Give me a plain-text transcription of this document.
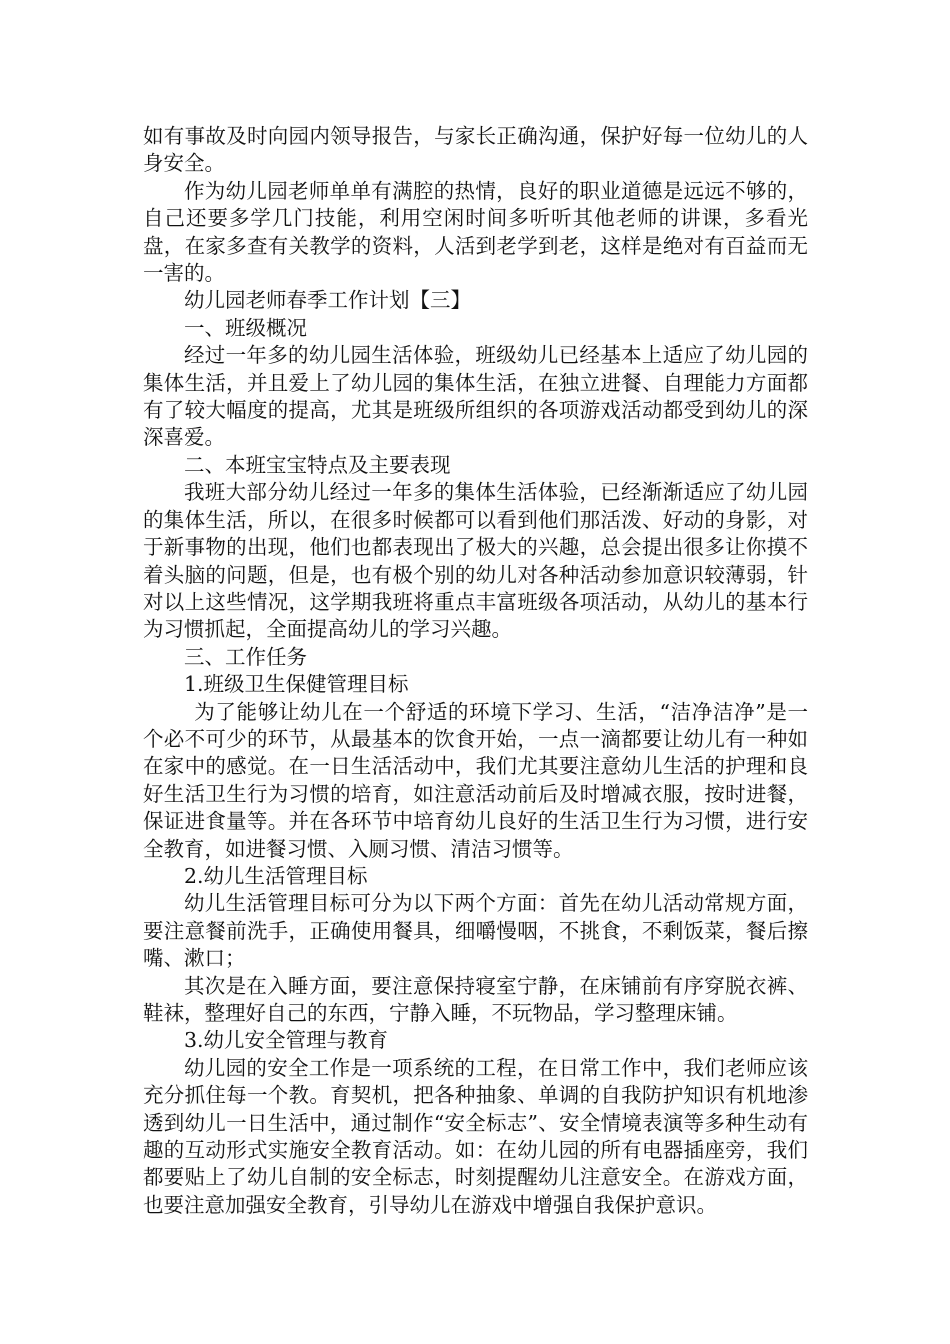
如有事故及时向园内领导报告，与家长正确沟通，保护好每一位幼儿的人身安全。

作为幼儿园老师单单有满腔的热情，良好的职业道德是远远不够的，自己还要多学几门技能，利用空闲时间多听听其他老师的讲课，多看光盘，在家多查有关教学的资料，人活到老学到老，这样是绝对有百益而无一害的。

幼儿园老师春季工作计划【三】

一、班级概况

经过一年多的幼儿园生活体验，班级幼儿已经基本上适应了幼儿园的集体生活，并且爱上了幼儿园的集体生活，在独立进餐、自理能力方面都有了较大幅度的提高，尤其是班级所组织的各项游戏活动都受到幼儿的深深喜爱。

二、本班宝宝特点及主要表现

我班大部分幼儿经过一年多的集体生活体验，已经渐渐适应了幼儿园的集体生活，所以，在很多时候都可以看到他们那活泼、好动的身影，对于新事物的出现，他们也都表现出了极大的兴趣，总会提出很多让你摸不着头脑的问题，但是，也有极个别的幼儿对各种活动参加意识较薄弱，针对以上这些情况，这学期我班将重点丰富班级各项活动，从幼儿的基本行为习惯抓起，全面提高幼儿的学习兴趣。

三、工作任务

1.班级卫生保健管理目标

为了能够让幼儿在一个舒适的环境下学习、生活，“洁净洁净”是一个必不可少的环节，从最基本的饮食开始，一点一滴都要让幼儿有一种如在家中的感觉。在一日生活活动中，我们尤其要注意幼儿生活的护理和良好生活卫生行为习惯的培育，如注意活动前后及时增减衣服，按时进餐，保证进食量等。并在各环节中培育幼儿良好的生活卫生行为习惯，进行安全教育，如进餐习惯、入厕习惯、清洁习惯等。

2.幼儿生活管理目标

幼儿生活管理目标可分为以下两个方面：首先在幼儿活动常规方面，要注意餐前洗手，正确使用餐具，细嚼慢咽，不挑食，不剩饭菜，餐后擦嘴、漱口；

其次是在入睡方面，要注意保持寝室宁静，在床铺前有序穿脱衣裤、鞋袜，整理好自己的东西，宁静入睡，不玩物品，学习整理床铺。

3.幼儿安全管理与教育

幼儿园的安全工作是一项系统的工程，在日常工作中，我们老师应该充分抓住每一个教。育契机，把各种抽象、单调的自我防护知识有机地渗透到幼儿一日生活中，通过制作“安全标志”、安全情境表演等多种生动有趣的互动形式实施安全教育活动。如：在幼儿园的所有电器插座旁，我们都要贴上了幼儿自制的安全标志，时刻提醒幼儿注意安全。在游戏方面，也要注意加强安全教育，引导幼儿在游戏中增强自我保护意识。
